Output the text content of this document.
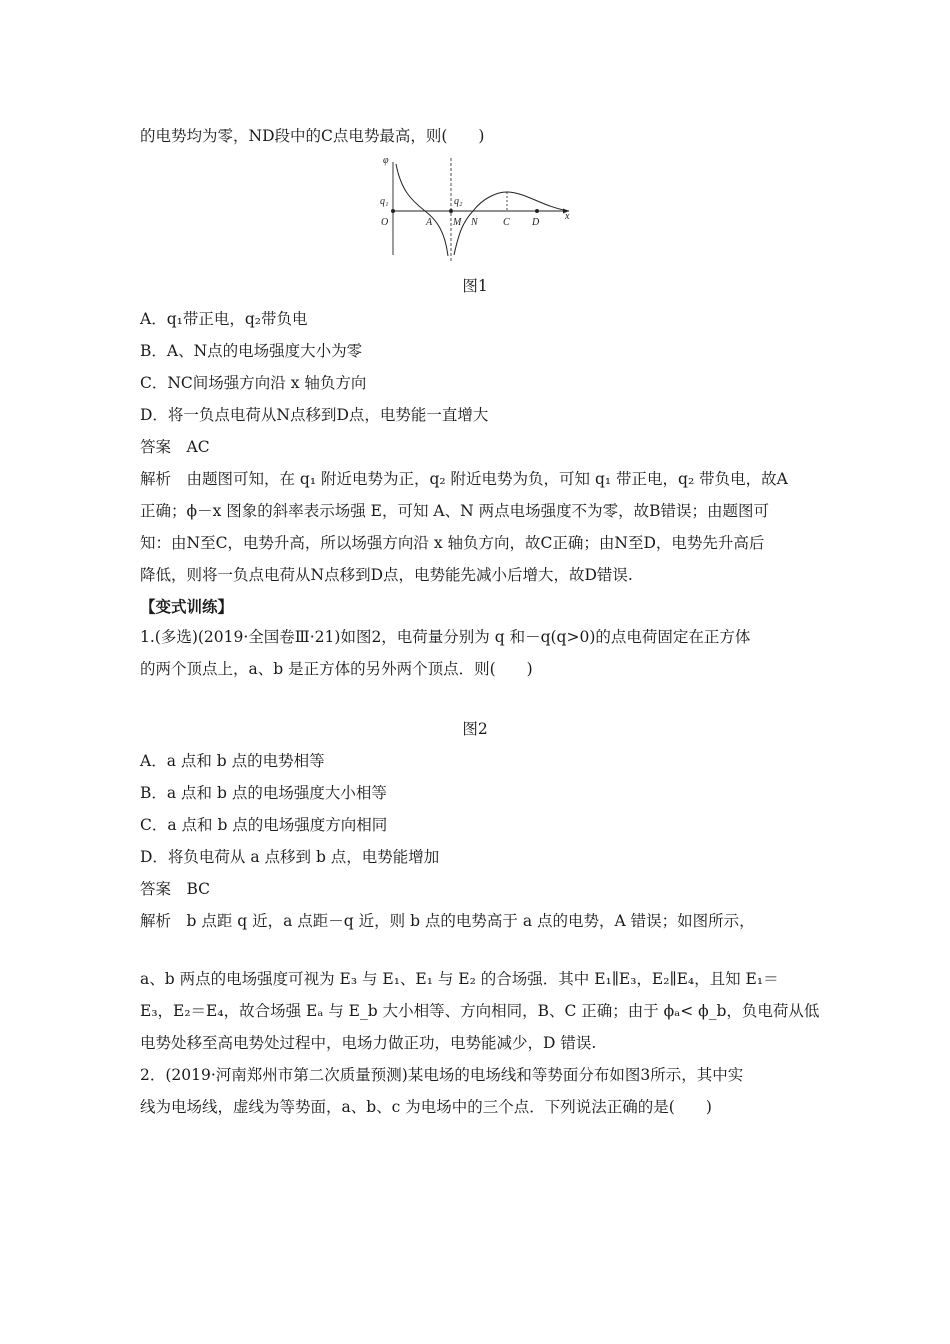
的电势均为零，ND段中的C点电势最高，则(　　)
φ
q₁	q₂
O	A M N	C D
x
图1
A．q₁带正电，q₂带负电
B．A、N点的电场强度大小为零
C．NC间场强方向沿 x 轴负方向
D．将一负点电荷从N点移到D点，电势能一直增大
答案　AC
解析　由题图可知，在 q₁ 附近电势为正，q₂ 附近电势为负，可知 q₁ 带正电，q₂ 带负电，故A
正确；ϕ－x 图象的斜率表示场强 E，可知 A、N 两点电场强度不为零，故B错误；由题图可
知：由N至C，电势升高，所以场强方向沿 x 轴负方向，故C正确；由N至D，电势先升高后
降低，则将一负点电荷从N点移到D点，电势能先减小后增大，故D错误.
【变式训练】
1.(多选)(2019·全国卷Ⅲ·21)如图2，电荷量分别为 q 和－q(q>0)的点电荷固定在正方体
的两个顶点上，a、b 是正方体的另外两个顶点．则(　　)
图2
A．a 点和 b 点的电势相等
B．a 点和 b 点的电场强度大小相等
C．a 点和 b 点的电场强度方向相同
D．将负电荷从 a 点移到 b 点，电势能增加
答案　BC
解析　b 点距 q 近，a 点距－q 近，则 b 点的电势高于 a 点的电势，A 错误；如图所示，
a、b 两点的电场强度可视为 E₃ 与 E₁、E₁ 与 E₂ 的合场强．其中 E₁∥E₃，E₂∥E₄，且知 E₁＝
E₃，E₂＝E₄，故合场强 Eₐ 与 E_b 大小相等、方向相同，B、C 正确；由于 ϕₐ< ϕ_b，负电荷从低
电势处移至高电势处过程中，电场力做正功，电势能减少，D 错误.
2．(2019·河南郑州市第二次质量预测)某电场的电场线和等势面分布如图3所示，其中实
线为电场线，虚线为等势面，a、b、c 为电场中的三个点．下列说法正确的是(　　)
